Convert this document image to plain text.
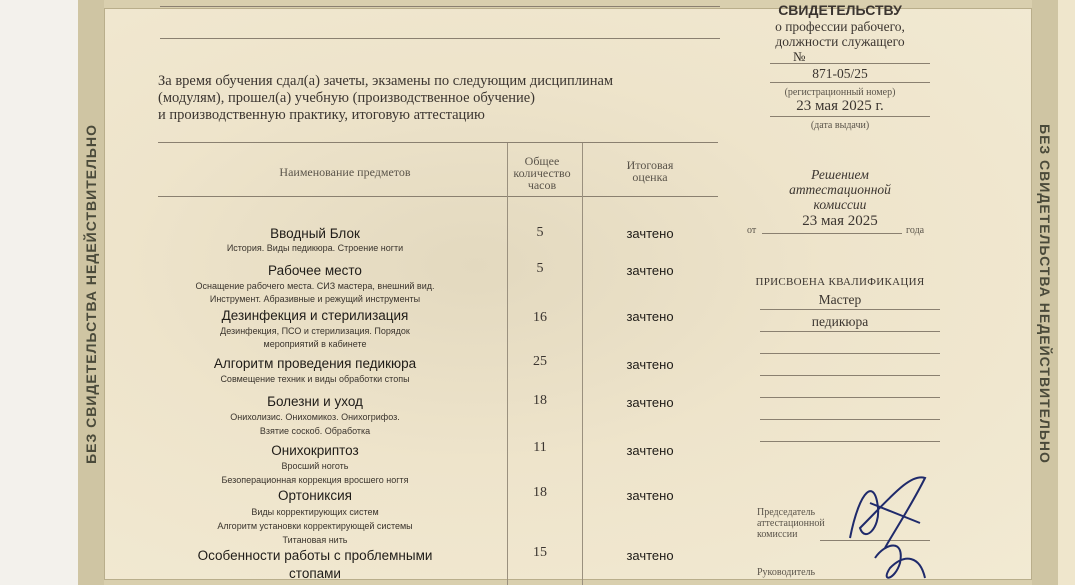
БЕЗ СВИДЕТЕЛЬСТВА НЕДЕЙСТВИТЕЛЬНО	БЕЗ СВИДЕТЕЛЬСТВА НЕДЕЙСТВИТЕЛЬНО
За время обучения сдал(а) зачеты, экзамены по следующим дисциплинам
(модулям), прошел(а) учебную (производственное обучение)
и производственную практику, итоговую аттестацию
Наименование предметов
Общее
количество
часов
Итоговая
оценка
Вводный Блок
История. Виды педикюра. Строение ногти
5	зачтено
Рабочее место
Оснащение рабочего места. СИЗ мастера, внешний вид.
Инструмент. Абразивные и режущий инструменты
5	зачтено
Дезинфекция и стерилизация
Дезинфекция, ПСО и стерилизация. Порядок
мероприятий в кабинете
16	зачтено
Алгоритм проведения педикюра
Совмещение техник и виды обработки стопы
25	зачтено
Болезни и уход
Онихолизис. Онихомикоз. Онихогрифоз.
Взятие соскоб. Обработка
18	зачтено
Онихокриптоз
Вросший ноготь
Безоперационная коррекция вросшего ногтя
11	зачтено
Ортониксия
Виды корректирующих систем
Алгоритм установки корректирующей системы
Титановая нить
18	зачтено
Особенности работы с проблемными
стопами
15	зачтено
СВИДЕТЕЛЬСТВУ
о профессии рабочего,
должности служащего
№
871-05/25
(регистрационный номер)
23 мая 2025 г.
(дата выдачи)
Решением
аттестационной
комиссии
от
23 мая 2025
года
ПРИСВОЕНА КВАЛИФИКАЦИЯ
Мастер
педикюра
Председатель
аттестационной
комиссии
Руководитель
